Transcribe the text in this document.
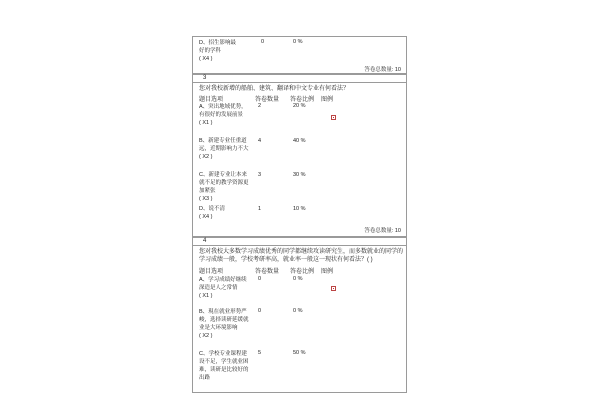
D、招生影响最好的学科
( X4 )
0	0 %
答卷总数量: 10
3
您对我校新增的船舶、建筑、翻译和中文专业有何看法？
题目选项	答卷数量 答卷比例 图例
A、突出地域优势，有很好的发展前景
( X1 )
2	20 %
B、新建专业任重道远，近期影响力不大
( X2 )
4	40 %
C、新建专业让本来就不足的教学资源更加紧张
( X3 )
3	30 %
D、说不清
( X4 )
1	10 %
答卷总数量: 10
4
您对我校大多数学习成绩优秀的同学都继续攻读研究生，而多数就业的同学的学习成绩一般，学校考研率高，就业率一般这一现状有何看法？( )
题目选项	答卷数量 答卷比例 图例
A、学习成绩好继续深造是人之常情
( X1 )
0	0 %
B、現在就业形势严峻，选择读研延缓就业是大环境影响
( X2 )
0	0 %
C、学校专业课程建设不足，学生就业困难，读研是比较好的出路
5	50 %
